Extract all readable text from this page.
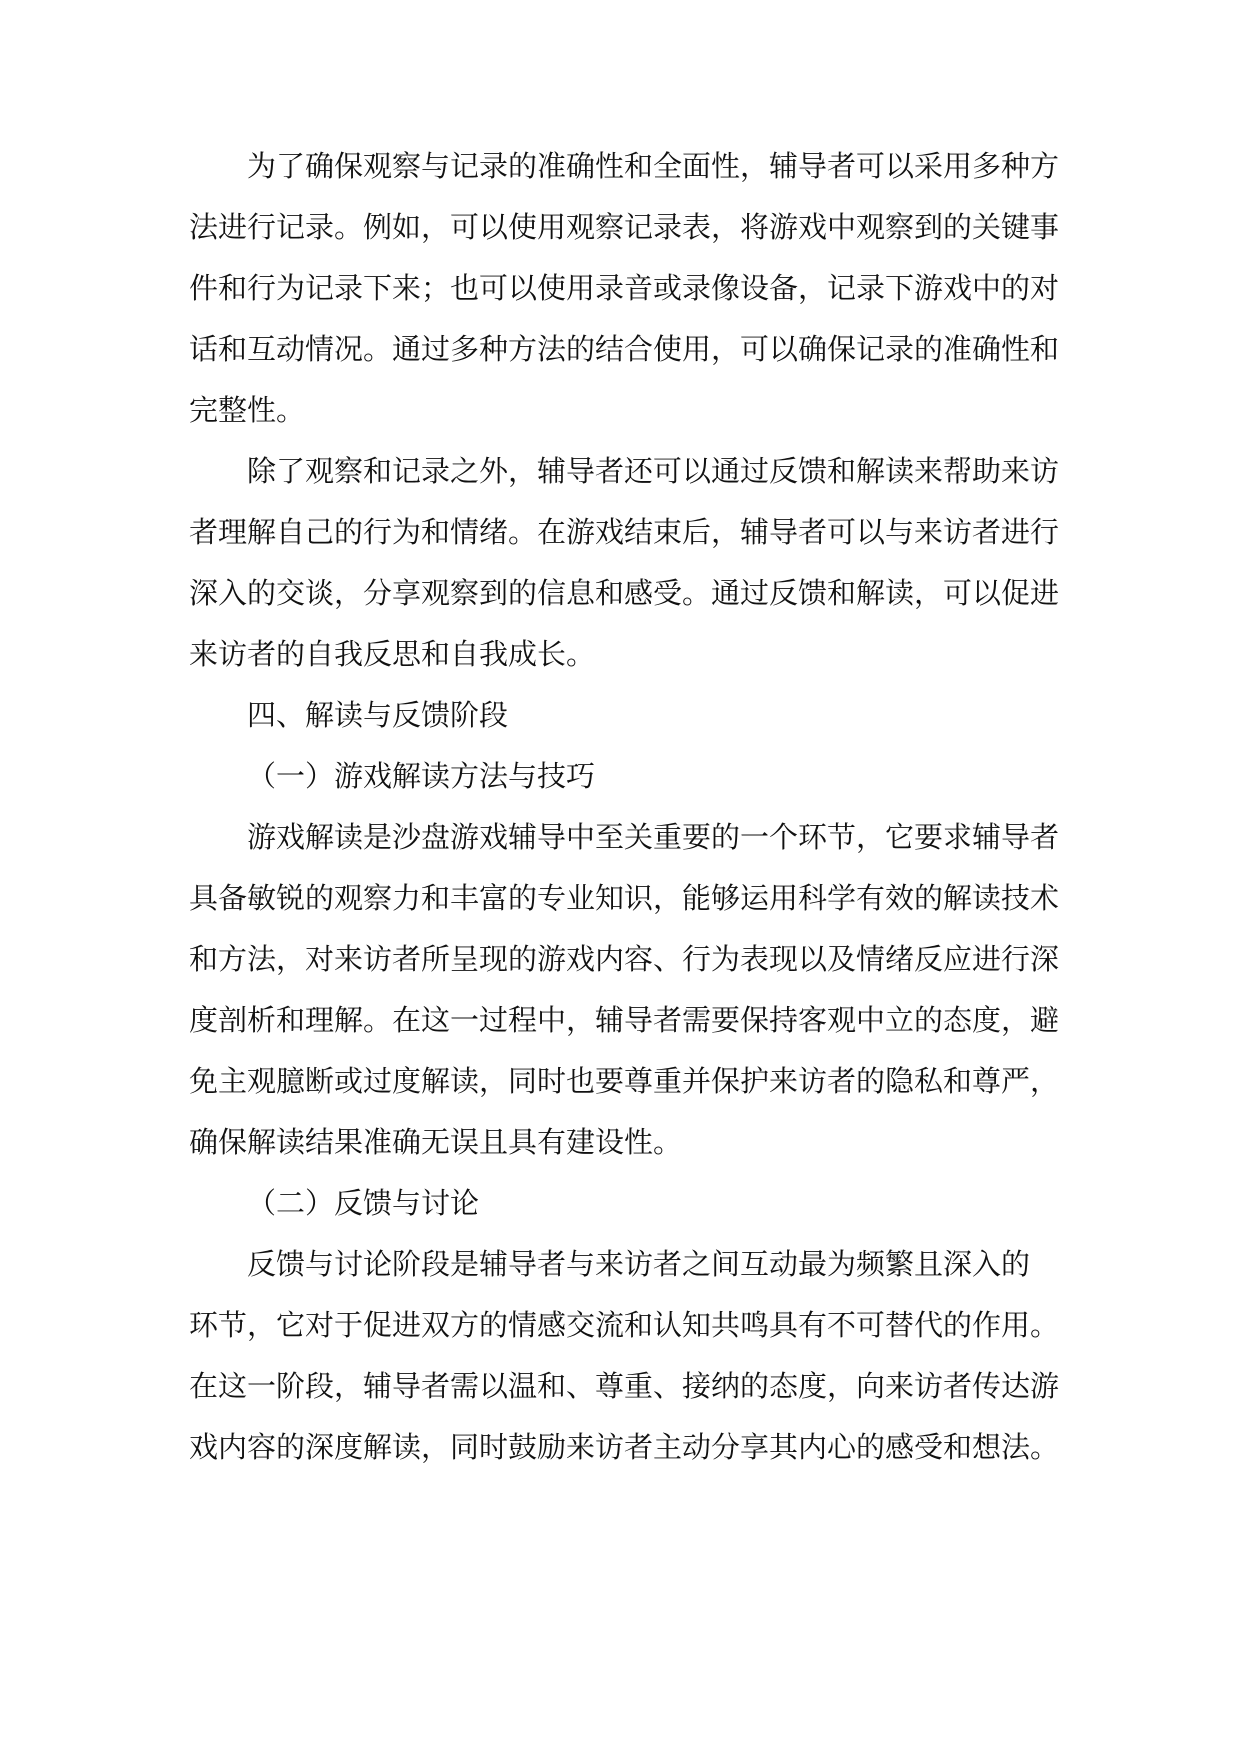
为了确保观察与记录的准确性和全面性，辅导者可以采用多种方
法进行记录。例如，可以使用观察记录表，将游戏中观察到的关键事
件和行为记录下来；也可以使用录音或录像设备，记录下游戏中的对
话和互动情况。通过多种方法的结合使用，可以确保记录的准确性和
完整性。
除了观察和记录之外，辅导者还可以通过反馈和解读来帮助来访
者理解自己的行为和情绪。在游戏结束后，辅导者可以与来访者进行
深入的交谈，分享观察到的信息和感受。通过反馈和解读，可以促进
来访者的自我反思和自我成长。
四、解读与反馈阶段
（一）游戏解读方法与技巧
游戏解读是沙盘游戏辅导中至关重要的一个环节，它要求辅导者
具备敏锐的观察力和丰富的专业知识，能够运用科学有效的解读技术
和方法，对来访者所呈现的游戏内容、行为表现以及情绪反应进行深
度剖析和理解。在这一过程中，辅导者需要保持客观中立的态度，避
免主观臆断或过度解读，同时也要尊重并保护来访者的隐私和尊严，
确保解读结果准确无误且具有建设性。
（二）反馈与讨论
反馈与讨论阶段是辅导者与来访者之间互动最为频繁且深入的
环节，它对于促进双方的情感交流和认知共鸣具有不可替代的作用。
在这一阶段，辅导者需以温和、尊重、接纳的态度，向来访者传达游
戏内容的深度解读，同时鼓励来访者主动分享其内心的感受和想法。
